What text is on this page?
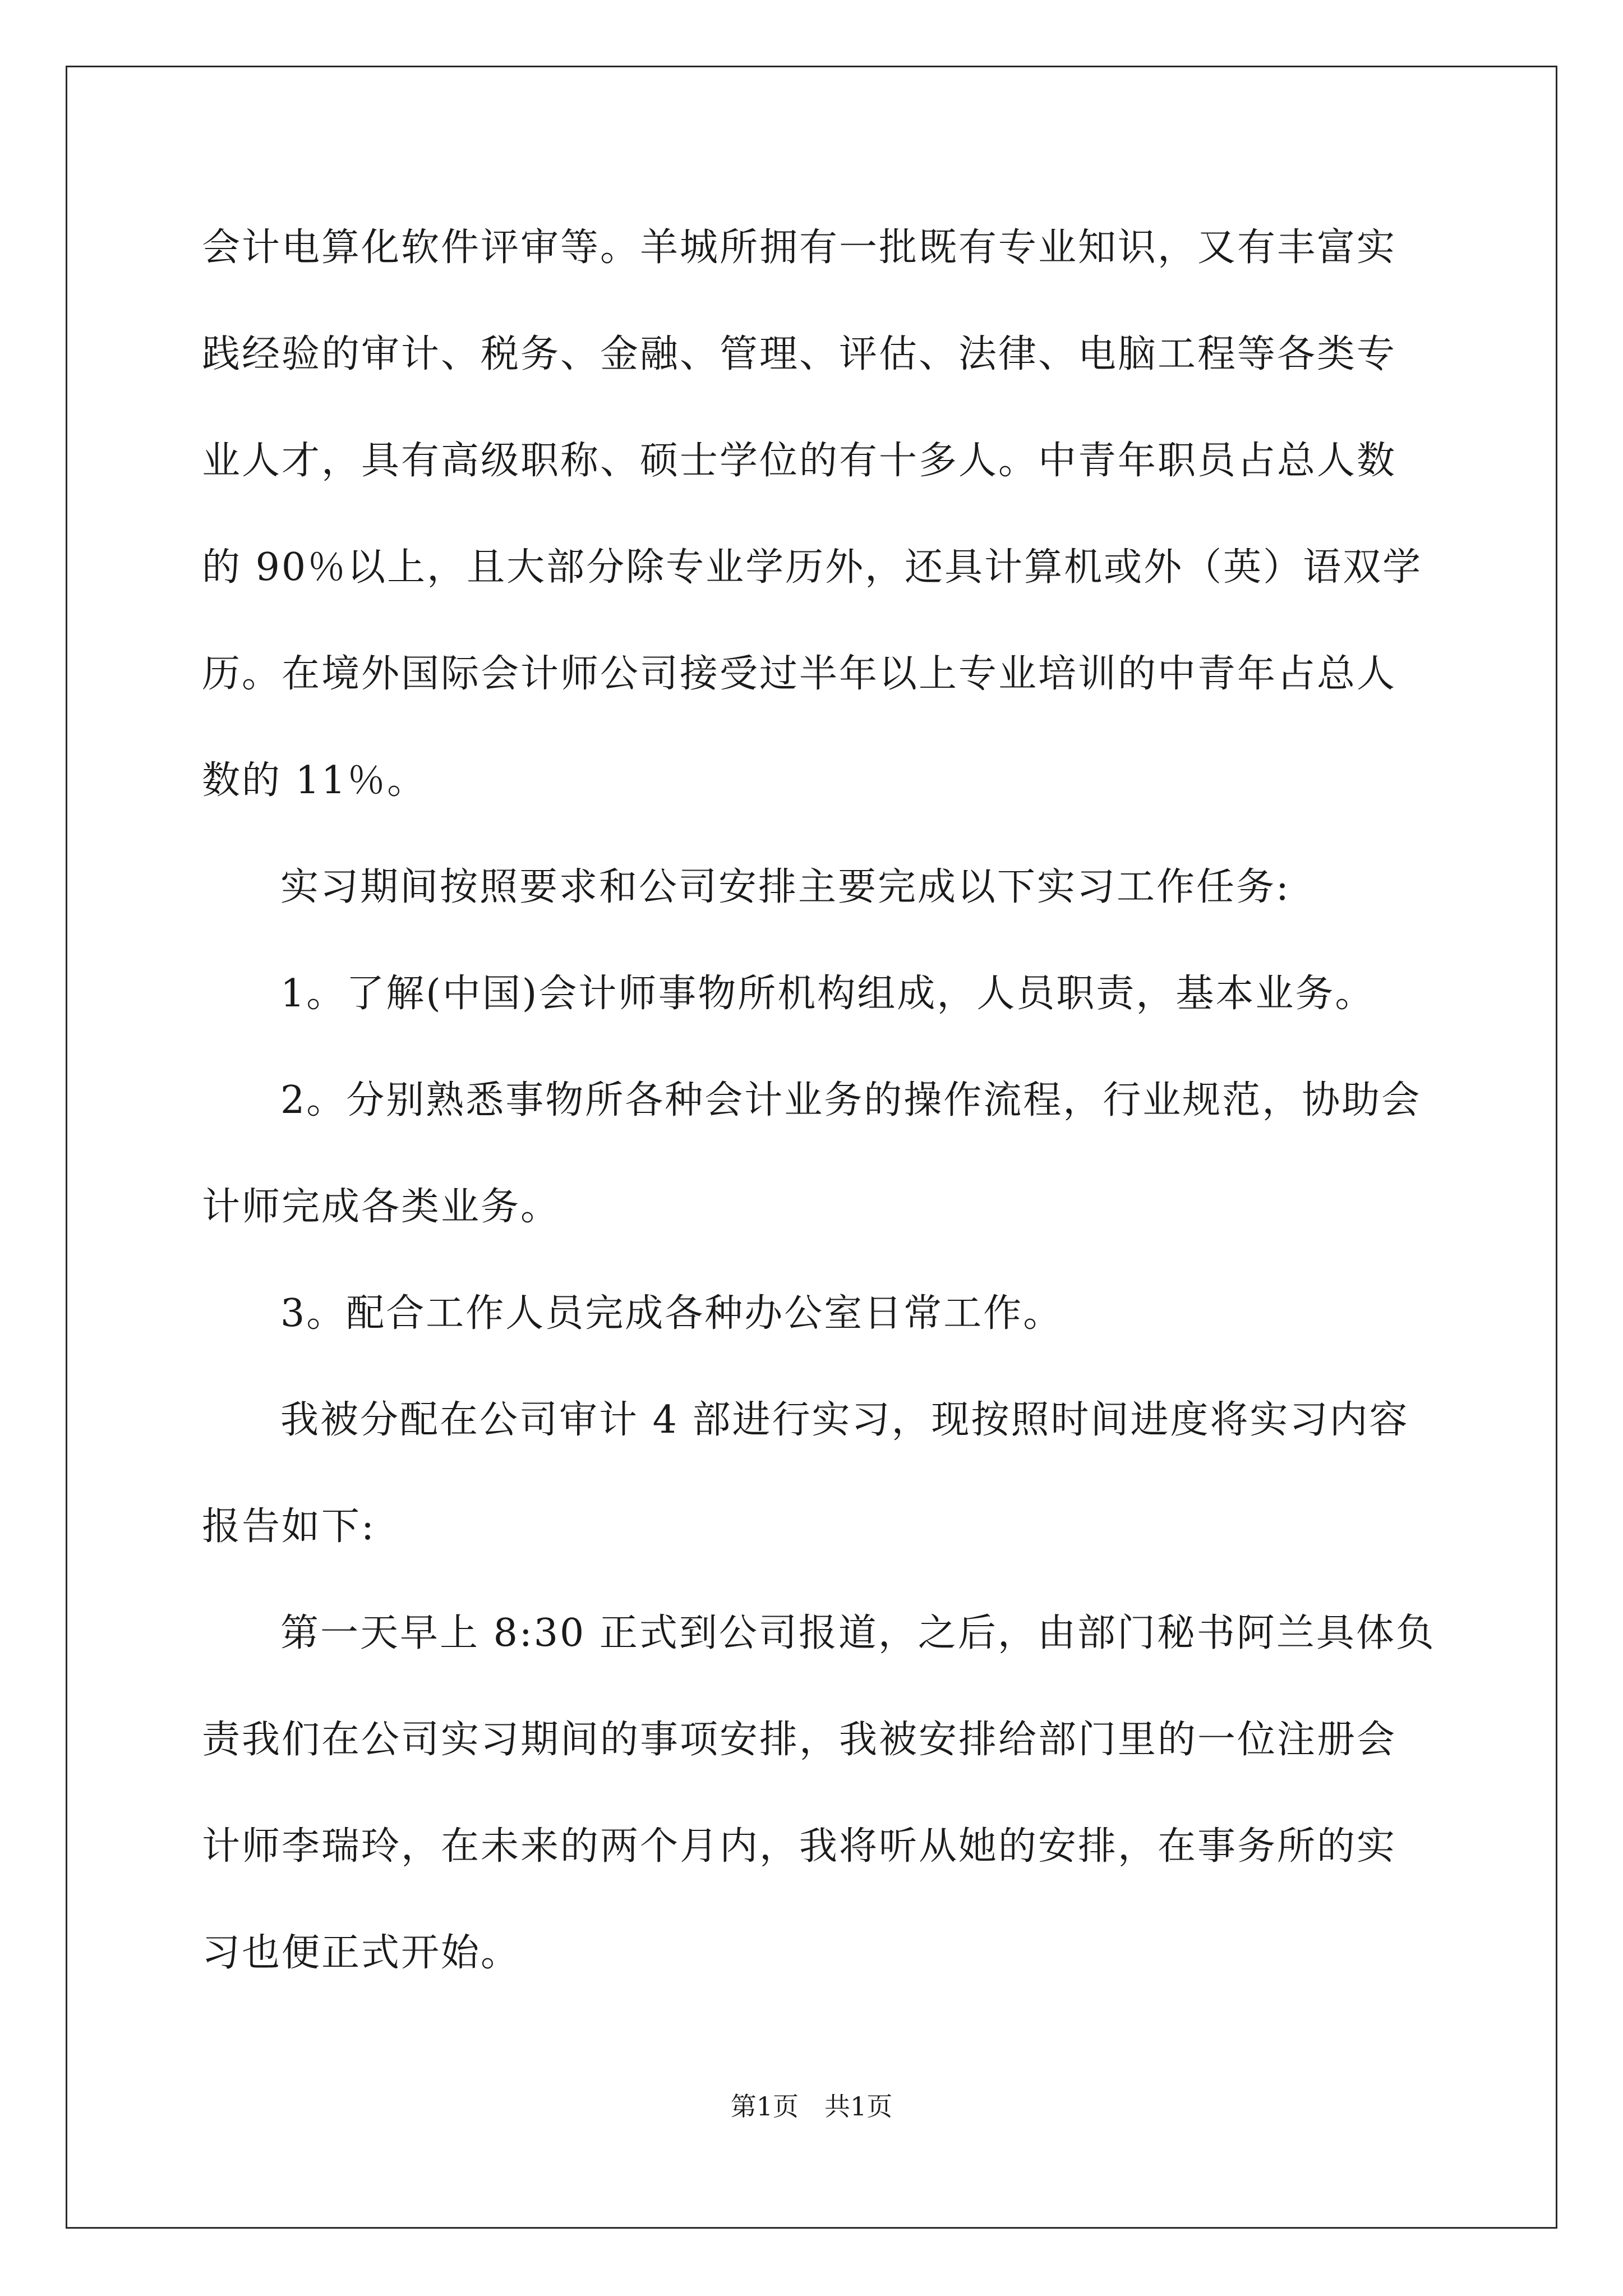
会计电算化软件评审等。羊城所拥有一批既有专业知识，又有丰富实
践经验的审计、税务、金融、管理、评估、法律、电脑工程等各类专
业人才，具有高级职称、硕士学位的有十多人。中青年职员占总人数
的 90％以上，且大部分除专业学历外，还具计算机或外（英）语双学
历。在境外国际会计师公司接受过半年以上专业培训的中青年占总人
数的 11％。
实习期间按照要求和公司安排主要完成以下实习工作任务:
1。了解(中国)会计师事物所机构组成，人员职责，基本业务。
2。分别熟悉事物所各种会计业务的操作流程，行业规范，协助会
计师完成各类业务。
3。配合工作人员完成各种办公室日常工作。
我被分配在公司审计 4 部进行实习，现按照时间进度将实习内容
报告如下:
第一天早上 8:30 正式到公司报道，之后，由部门秘书阿兰具体负
责我们在公司实习期间的事项安排，我被安排给部门里的一位注册会
计师李瑞玲，在未来的两个月内，我将听从她的安排，在事务所的实
习也便正式开始。
第1页　 共1页
